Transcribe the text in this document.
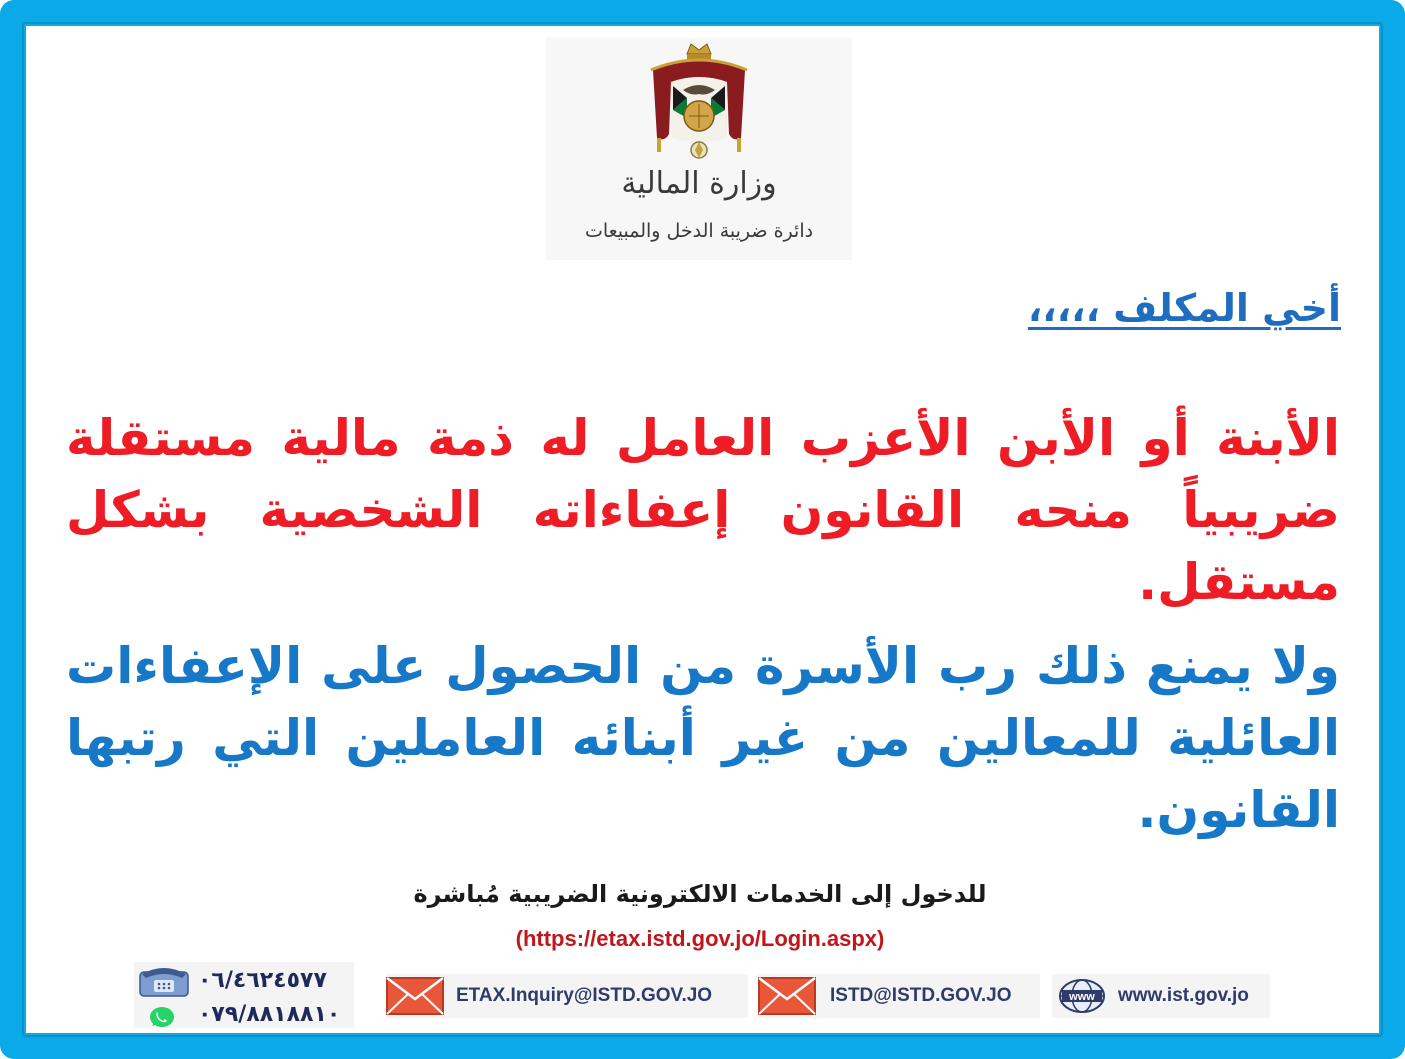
وزارة المالية
دائرة ضريبة الدخل والمبيعات
أخي المكلف ،،،،،
الأبنة أو الأبن الأعزب العامل له ذمة مالية مستقلة ضريبياً منحه القانون إعفاءاته الشخصية بشكل مستقل.
ولا يمنع ذلك رب الأسرة من الحصول على الإعفاءات العائلية للمعالين من غير أبنائه العاملين التي رتبها القانون.
للدخول إلى الخدمات الالكترونية الضريبية مُباشرة
(https://etax.istd.gov.jo/Login.aspx)
www www.ist.gov.jo
ISTD@ISTD.GOV.JO
ETAX.Inquiry@ISTD.GOV.JO
٠٦/٤٦٢٤٥٧٧
٠٧٩/٨٨١٨٨١٠
